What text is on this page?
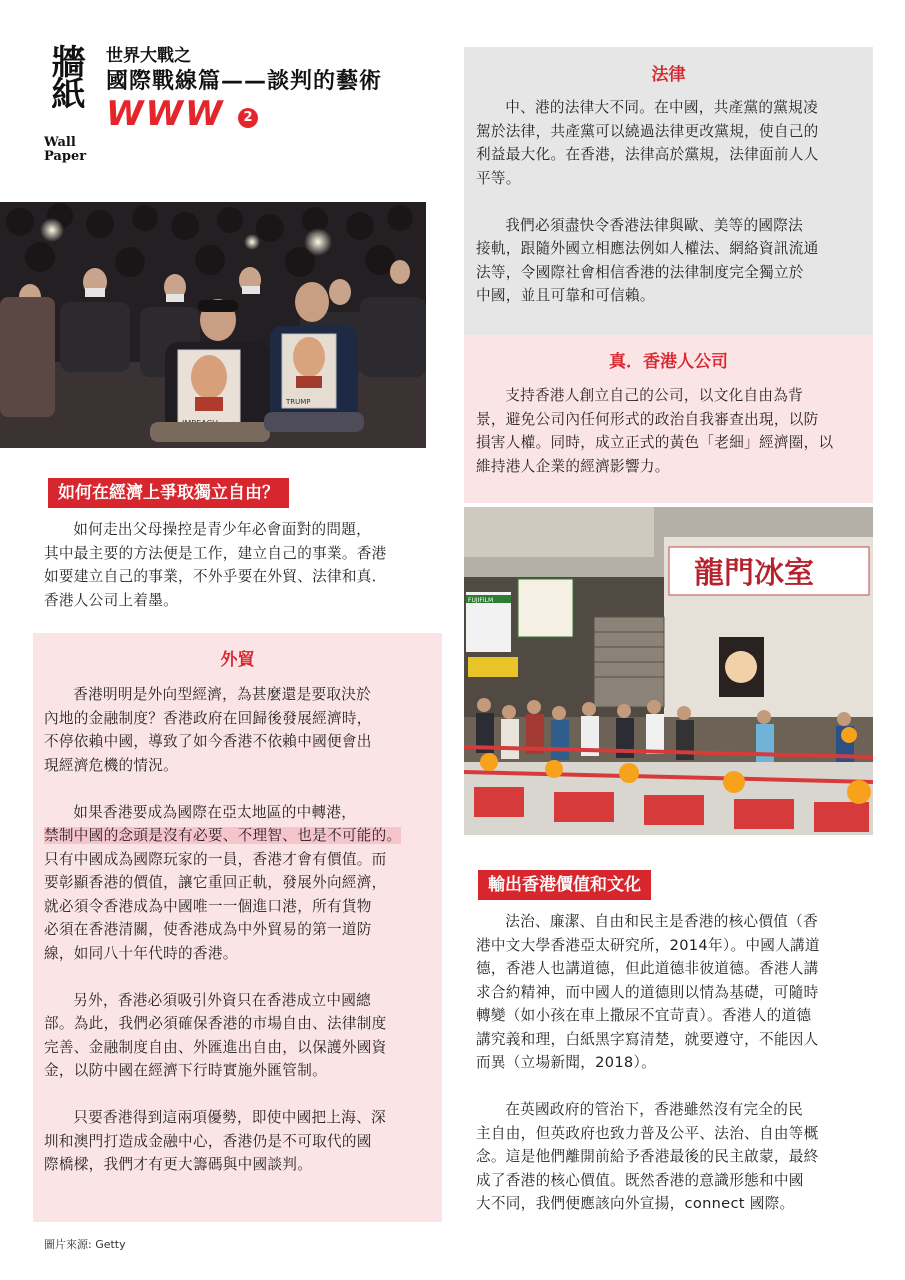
牆紙
Wall
Paper
世界大戰之
國際戰線篇——談判的藝術
WWW	2
TRUMP
如何在經濟上爭取獨立自由？
如何走出父母操控是青少年必會面對的問題，
其中最主要的方法便是工作，建立自己的事業。香港
如要建立自己的事業，不外乎要在外貿、法律和真．
香港人公司上着墨。
外貿
香港明明是外向型經濟，為甚麼還是要取決於
內地的金融制度？香港政府在回歸後發展經濟時，
不停依賴中國，導致了如今香港不依賴中國便會出
現經濟危機的情況。
如果香港要成為國際在亞太地區的中轉港，
禁制中國的念頭是沒有必要、不理智、也是不可能的。
只有中國成為國際玩家的一員，香港才會有價值。而
要彰顯香港的價值，讓它重回正軌，發展外向經濟，
就必須令香港成為中國唯一一個進口港，所有貨物
必須在香港清關，使香港成為中外貿易的第一道防
線，如同八十年代時的香港。
另外，香港必須吸引外資只在香港成立中國總
部。為此，我們必須確保香港的市場自由、法律制度
完善、金融制度自由、外匯進出自由，以保護外國資
金，以防中國在經濟下行時實施外匯管制。
只要香港得到這兩項優勢，即使中國把上海、深
圳和澳門打造成金融中心，香港仍是不可取代的國
際橋樑，我們才有更大籌碼與中國談判。
圖片來源: Getty
法律
中、港的法律大不同。在中國，共產黨的黨規凌
駕於法律，共產黨可以繞過法律更改黨規，使自己的
利益最大化。在香港，法律高於黨規，法律面前人人
平等。
我們必須盡快令香港法律與歐、美等的國際法
接軌，跟隨外國立相應法例如人權法、網絡資訊流通
法等，令國際社會相信香港的法律制度完全獨立於
中國，並且可靠和可信賴。
真．香港人公司
支持香港人創立自己的公司，以文化自由為背
景，避免公司內任何形式的政治自我審查出現，以防
損害人權。同時，成立正式的黃色「老細」經濟圈，以
維持港人企業的經濟影響力。
龍門冰室
FUJIFILM
輸出香港價值和文化
法治、廉潔、自由和民主是香港的核心價值（香
港中文大學香港亞太研究所，2014年）。中國人講道
德，香港人也講道德，但此道德非彼道德。香港人講
求合約精神，而中國人的道德則以情為基礎，可隨時
轉變（如小孩在車上撒尿不宜苛責）。香港人的道德
講究義和理，白紙黑字寫清楚，就要遵守，不能因人
而異（立場新聞，2018）。
在英國政府的管治下，香港雖然沒有完全的民
主自由，但英政府也致力普及公平、法治、自由等概
念。這是他們離開前給予香港最後的民主啟蒙，最終
成了香港的核心價值。既然香港的意識形態和中國
大不同，我們便應該向外宣揚，connect 國際。
